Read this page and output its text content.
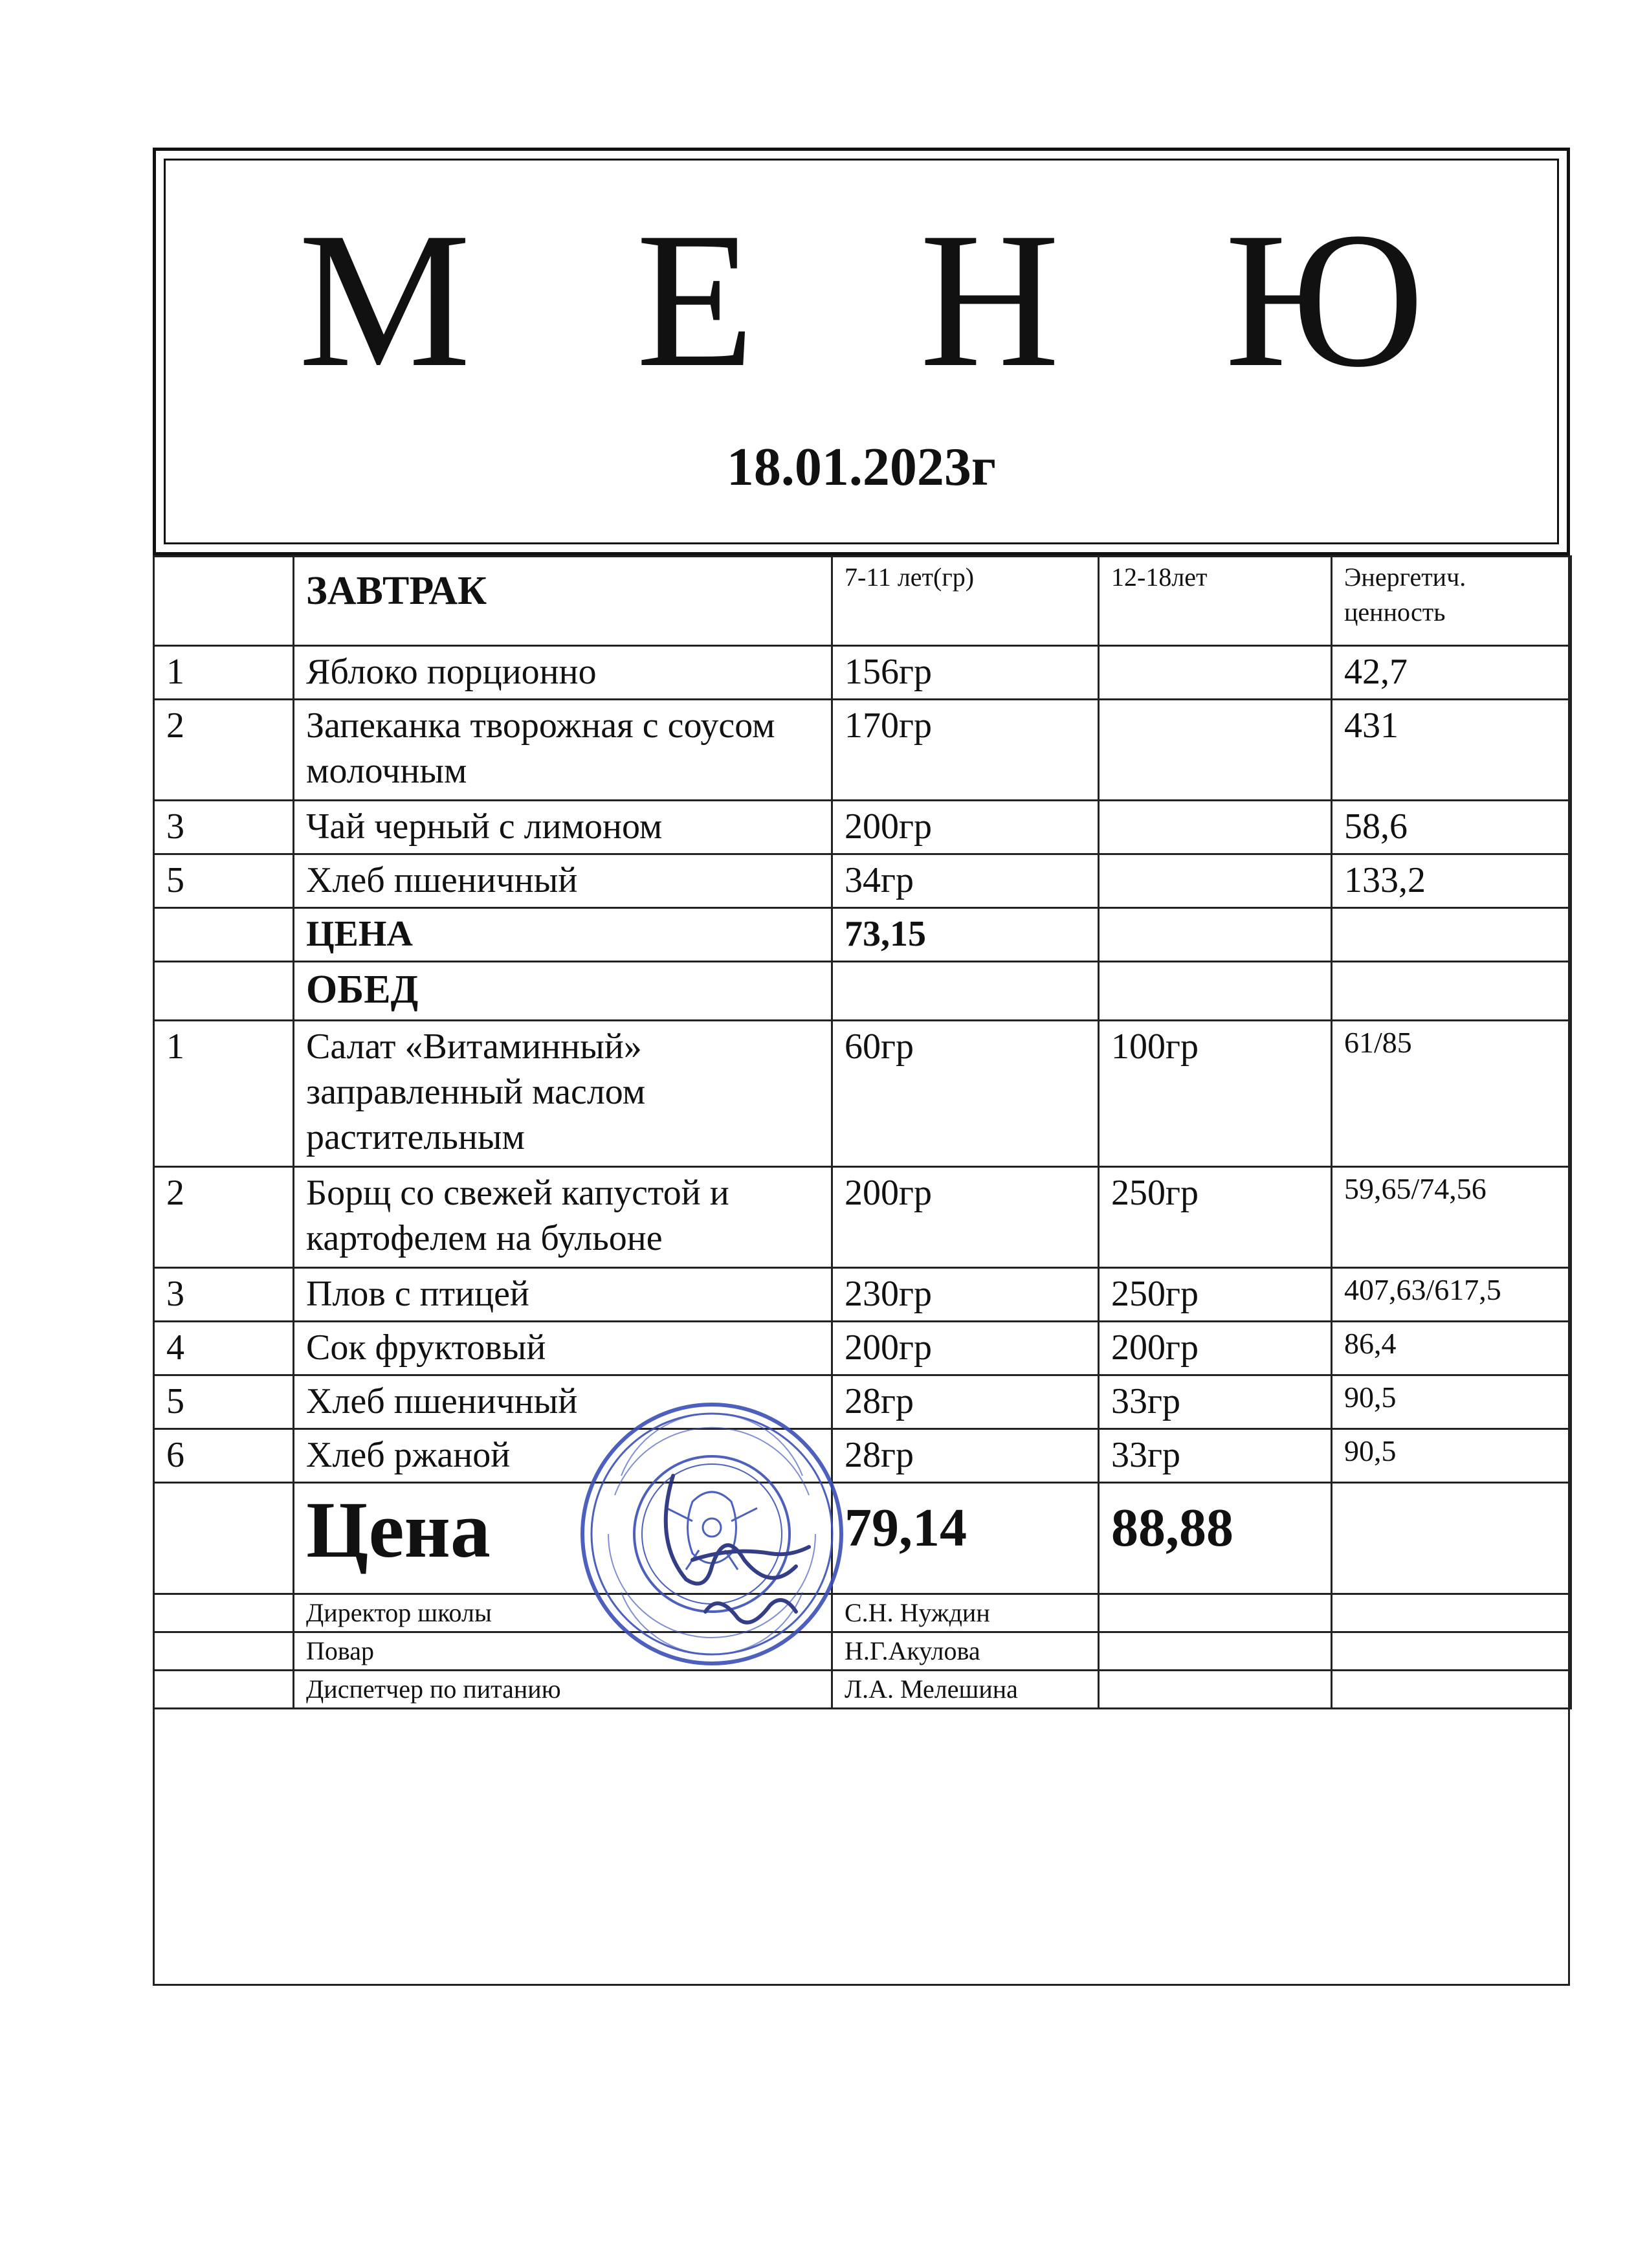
М Е Н Ю
18.01.2023г
	ЗАВТРАК	7-11 лет(гр)	12-18лет	Энергетич. ценность
1	Яблоко порционно	156гр		42,7
2	Запеканка творожная с соусом молочным	170гр		431
3	Чай черный с лимоном	200гр		58,6
5	Хлеб пшеничный	34гр		133,2
	ЦЕНА	73,15		
	ОБЕД			
1	Салат «Витаминный» заправленный маслом растительным	60гр	100гр	61/85
2	Борщ со свежей капустой и картофелем на бульоне	200гр	250гр	59,65/74,56
3	Плов с птицей	230гр	250гр	407,63/617,5
4	Сок фруктовый	200гр	200гр	86,4
5	Хлеб пшеничный	28гр	33гр	90,5
6	Хлеб ржаной	28гр	33гр	90,5
	Цена	79,14	88,88	
	Директор школы	С.Н. Нуждин		
	Повар	Н.Г.Акулова		
	Диспетчер по питанию	Л.А. Мелешина		
